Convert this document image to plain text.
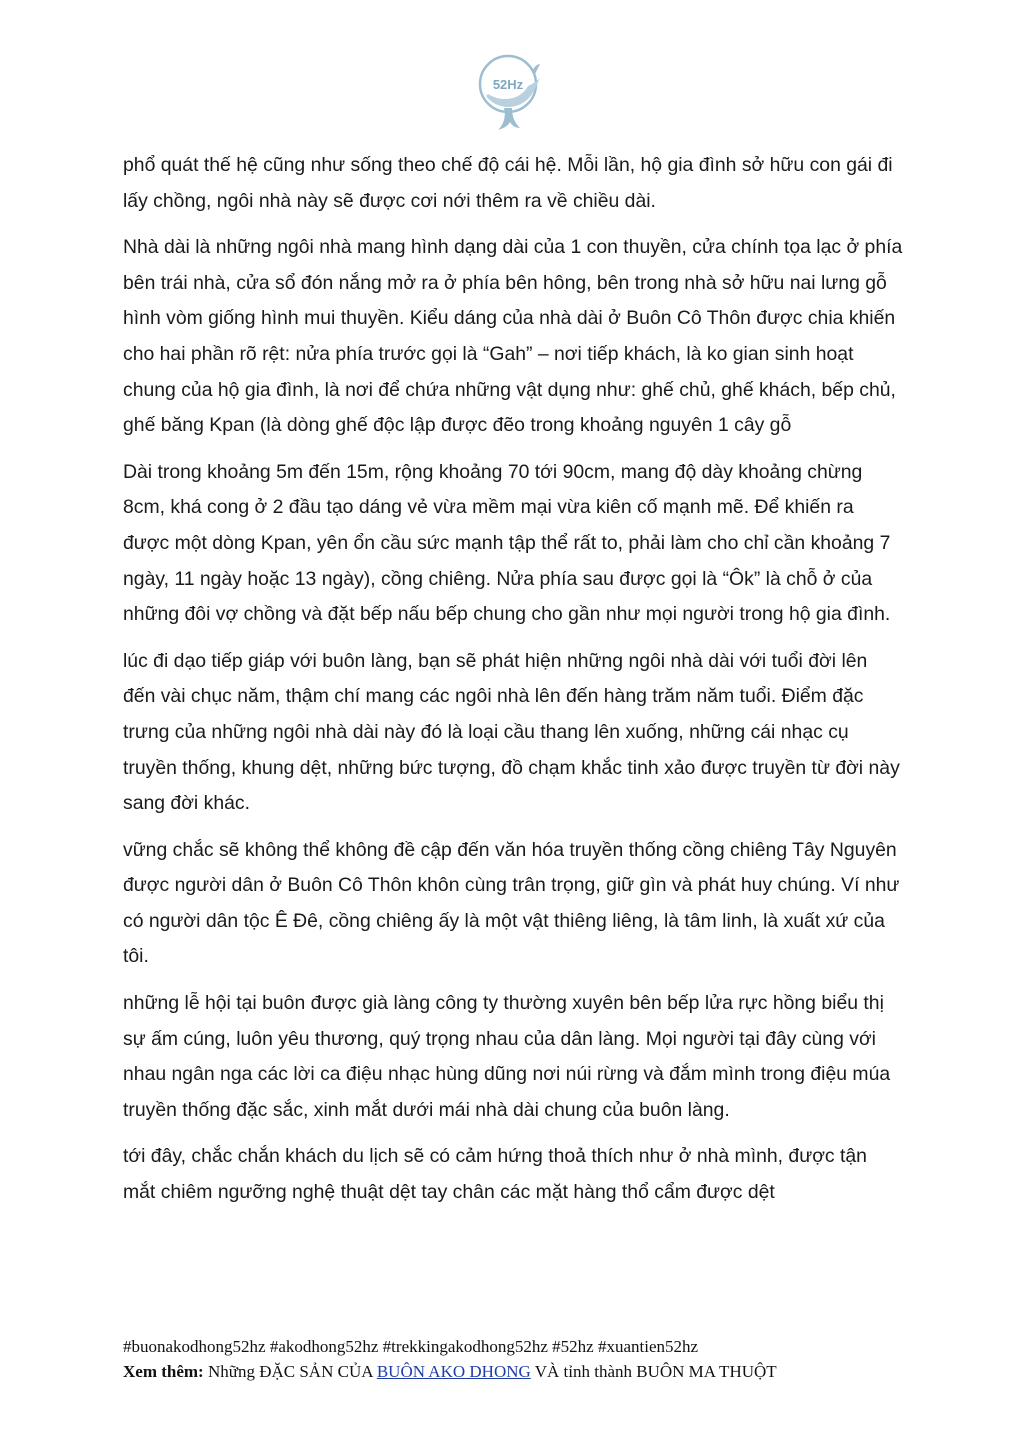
52Hz

phổ quát thế hệ cũng như sống theo chế độ cái hệ. Mỗi lần, hộ gia đình sở hữu con gái đi lấy chồng, ngôi nhà này sẽ được cơi nới thêm ra về chiều dài.

Nhà dài là những ngôi nhà mang hình dạng dài của 1 con thuyền, cửa chính tọa lạc ở phía bên trái nhà, cửa sổ đón nắng mở ra ở phía bên hông, bên trong nhà sở hữu nai lưng gỗ hình vòm giống hình mui thuyền. Kiểu dáng của nhà dài ở Buôn Cô Thôn được chia khiến cho hai phần rõ rệt: nửa phía trước gọi là “Gah” – nơi tiếp khách, là ko gian sinh hoạt chung của hộ gia đình, là nơi để chứa những vật dụng như: ghế chủ, ghế khách, bếp chủ, ghế băng Kpan (là dòng ghế độc lập được đẽo trong khoảng nguyên 1 cây gỗ

Dài trong khoảng 5m đến 15m, rộng khoảng 70 tới 90cm, mang độ dày khoảng chừng 8cm, khá cong ở 2 đầu tạo dáng vẻ vừa mềm mại vừa kiên cố mạnh mẽ. Để khiến ra được một dòng Kpan, yên ổn cầu sức mạnh tập thể rất to, phải làm cho chỉ cần khoảng 7 ngày, 11 ngày hoặc 13 ngày), cồng chiêng. Nửa phía sau được gọi là “Ôk” là chỗ ở của những đôi vợ chồng và đặt bếp nấu bếp chung cho gần như mọi người trong hộ gia đình.

lúc đi dạo tiếp giáp với buôn làng, bạn sẽ phát hiện những ngôi nhà dài với tuổi đời lên đến vài chục năm, thậm chí mang các ngôi nhà lên đến hàng trăm năm tuổi. Điểm đặc trưng của những ngôi nhà dài này đó là loại cầu thang lên xuống, những cái nhạc cụ truyền thống, khung dệt, những bức tượng, đồ chạm khắc tinh xảo được truyền từ đời này sang đời khác.

vững chắc sẽ không thể không đề cập đến văn hóa truyền thống cồng chiêng Tây Nguyên được người dân ở Buôn Cô Thôn khôn cùng trân trọng, giữ gìn và phát huy chúng. Ví như có người dân tộc Ê Đê, cồng chiêng ấy là một vật thiêng liêng, là tâm linh, là xuất xứ của tôi.

những lễ hội tại buôn được già làng công ty thường xuyên bên bếp lửa rực hồng biểu thị sự ấm cúng, luôn yêu thương, quý trọng nhau của dân làng. Mọi người tại đây cùng với nhau ngân nga các lời ca điệu nhạc hùng dũng nơi núi rừng và đắm mình trong điệu múa truyền thống đặc sắc, xinh mắt dưới mái nhà dài chung của buôn làng.

tới đây, chắc chắn khách du lịch sẽ có cảm hứng thoả thích như ở nhà mình, được tận mắt chiêm ngưỡng nghệ thuật dệt tay chân các mặt hàng thổ cẩm được dệt

#buonakodhong52hz #akodhong52hz #trekkingakodhong52hz #52hz #xuantien52hz
Xem thêm: Những ĐẶC SẢN CỦA BUÔN AKO DHONG VÀ tỉnh thành BUÔN MA THUỘT
